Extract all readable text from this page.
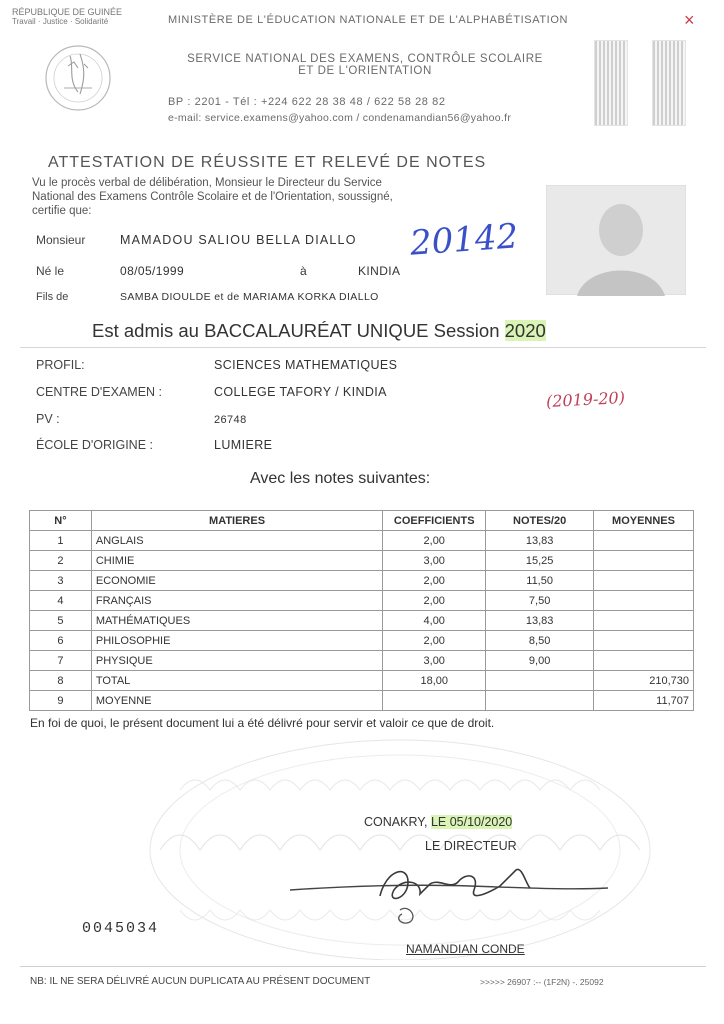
RÉPUBLIQUE DE GUINÉE
Travail · Justice · Solidarité	MINISTÈRE DE L'ÉDUCATION NATIONALE ET DE L'ALPHABÉTISATION	×
SERVICE NATIONAL DES EXAMENS, CONTRÔLE SCOLAIRE
ET DE L'ORIENTATION
BP : 2201 - Tél : +224 622 28 38 48 / 622 58 28 82
e-mail: service.examens@yahoo.com / condenamandian56@yahoo.fr
ATTESTATION DE RÉUSSITE ET RELEVÉ DE NOTES
Vu le procès verbal de délibération, Monsieur le Directeur du Service
National des Examens Contrôle Scolaire et de l'Orientation, soussigné,
certifie que:
Monsieur	MAMADOU SALIOU BELLA DIALLO 20142
Né le	08/05/1999	à	KINDIA
Fils de	SAMBA DIOULDE et de MARIAMA KORKA DIALLO
Est admis au BACCALAURÉAT UNIQUE Session 2020
PROFIL:	SCIENCES MATHEMATIQUES
CENTRE D'EXAMEN :	COLLEGE TAFORY / KINDIA
PV :	26748
ÉCOLE D'ORIGINE :	LUMIERE
(2019-20)
Avec les notes suivantes:
N°	MATIERES	COEFFICIENTS	NOTES/20	MOYENNES
1	ANGLAIS	2,00	13,83	
2	CHIMIE	3,00	15,25	
3	ECONOMIE	2,00	11,50	
4	FRANÇAIS	2,00	7,50	
5	MATHÉMATIQUES	4,00	13,83	
6	PHILOSOPHIE	2,00	8,50	
7	PHYSIQUE	3,00	9,00	
8	TOTAL	18,00		210,730
9	MOYENNE			11,707
En foi de quoi, le présent document lui a été délivré pour servir et valoir ce que de droit.
CONAKRY, LE 05/10/2020
LE DIRECTEUR
0045034
NAMANDIAN CONDE
NB: IL NE SERA DÉLIVRÉ AUCUN DUPLICATA AU PRÉSENT DOCUMENT	>>>>> 26907 :-- (1F2N) -. 25092
